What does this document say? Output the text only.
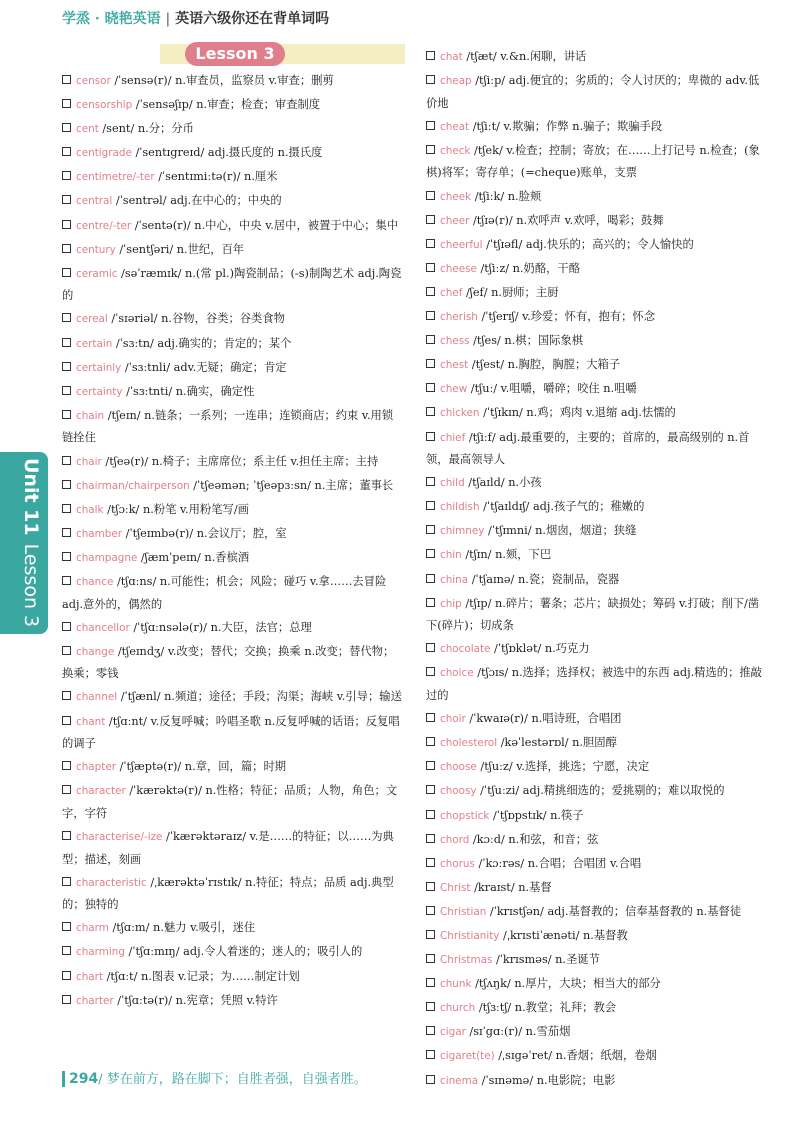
学烝 · 晓艳英语 | 英语六级你还在背单词吗
Lesson 3
censor /ˈsensə(r)/ n.审查员，监察员 v.审查；删剪
censorship /ˈsensəʃɪp/ n.审查；检查；审查制度
cent /sent/ n.分；分币
centigrade /ˈsentɪgreɪd/ adj.摄氏度的 n.摄氏度
centimetre/-ter /ˈsentɪmiːtə(r)/ n.厘米
central /ˈsentrəl/ adj.在中心的；中央的
centre/-ter /ˈsentə(r)/ n.中心，中央 v.居中，被置于中心；集中
century /ˈsentʃəri/ n.世纪，百年
ceramic /səˈræmɪk/ n.(常 pl.)陶瓷制品；(-s)制陶艺术 adj.陶瓷的
cereal /ˈsɪəriəl/ n.谷物，谷类；谷类食物
certain /ˈsɜːtn/ adj.确实的；肯定的；某个
certainly /ˈsɜːtnli/ adv.无疑；确定；肯定
certainty /ˈsɜːtnti/ n.确实，确定性
chain /tʃeɪn/ n.链条；一系列；一连串；连锁商店；约束 v.用锁链拴住
chair /tʃeə(r)/ n.椅子；主席席位；系主任 v.担任主席；主持
chairman/chairperson /ˈtʃeəmən; ˈtʃeəpɜːsn/ n.主席；董事长
chalk /tʃɔːk/ n.粉笔 v.用粉笔写/画
chamber /ˈtʃeɪmbə(r)/ n.会议厅；腔，室
champagne /ʃæmˈpeɪn/ n.香槟酒
chance /tʃɑːns/ n.可能性；机会；风险；碰巧 v.拿……去冒险 adj.意外的，偶然的
chancellor /ˈtʃɑːnsələ(r)/ n.大臣，法官；总理
change /tʃeɪndʒ/ v.改变；替代；交换；换乘 n.改变；替代物；换乘；零钱
channel /ˈtʃænl/ n.频道；途径；手段；沟渠；海峡 v.引导；输送
chant /tʃɑːnt/ v.反复呼喊；吟唱圣歌 n.反复呼喊的话语；反复唱的调子
chapter /ˈtʃæptə(r)/ n.章，回，篇；时期
character /ˈkærəktə(r)/ n.性格；特征；品质；人物，角色；文字，字符
characterise/-ize /ˈkærəktəraɪz/ v.是……的特征；以……为典型；描述，刻画
characteristic /ˌkærəktəˈrɪstɪk/ n.特征；特点；品质 adj.典型的；独特的
charm /tʃɑːm/ n.魅力 v.吸引，迷住
charming /ˈtʃɑːmɪŋ/ adj.令人着迷的；迷人的；吸引人的
chart /tʃɑːt/ n.图表 v.记录；为……制定计划
charter /ˈtʃɑːtə(r)/ n.宪章；凭照 v.特许
chat /tʃæt/ v.&n.闲聊，讲话
cheap /tʃiːp/ adj.便宜的；劣质的；令人讨厌的；卑微的 adv.低价地
cheat /tʃiːt/ v.欺骗；作弊 n.骗子；欺骗手段
check /tʃek/ v.检查；控制；寄放；在……上打记号 n.检查；(象棋)将军；寄存单；(=cheque)账单，支票
cheek /tʃiːk/ n.脸颊
cheer /tʃɪə(r)/ n.欢呼声 v.欢呼，喝彩；鼓舞
cheerful /ˈtʃɪəfl/ adj.快乐的；高兴的；令人愉快的
cheese /tʃiːz/ n.奶酪，干酪
chef /ʃef/ n.厨师；主厨
cherish /ˈtʃerɪʃ/ v.珍爱；怀有，抱有；怀念
chess /tʃes/ n.棋；国际象棋
chest /tʃest/ n.胸腔，胸膛；大箱子
chew /tʃuː/ v.咀嚼，嚼碎；咬住 n.咀嚼
chicken /ˈtʃɪkɪn/ n.鸡；鸡肉 v.退缩 adj.怯懦的
chief /tʃiːf/ adj.最重要的，主要的；首席的，最高级别的 n.首领，最高领导人
child /tʃaɪld/ n.小孩
childish /ˈtʃaɪldɪʃ/ adj.孩子气的；稚嫩的
chimney /ˈtʃɪmni/ n.烟囱，烟道；狭缝
chin /tʃɪn/ n.颏，下巴
china /ˈtʃaɪnə/ n.瓷；瓷制品，瓷器
chip /tʃɪp/ n.碎片；薯条；芯片；缺损处；筹码 v.打破；削下/凿下(碎片)；切成条
chocolate /ˈtʃɒklət/ n.巧克力
choice /tʃɔɪs/ n.选择；选择权；被选中的东西 adj.精选的；推敲过的
choir /ˈkwaɪə(r)/ n.唱诗班，合唱团
cholesterol /kəˈlestərɒl/ n.胆固醇
choose /tʃuːz/ v.选择，挑选；宁愿，决定
choosy /ˈtʃuːzi/ adj.精挑细选的；爱挑剔的；难以取悦的
chopstick /ˈtʃɒpstɪk/ n.筷子
chord /kɔːd/ n.和弦，和音；弦
chorus /ˈkɔːrəs/ n.合唱；合唱团 v.合唱
Christ /kraɪst/ n.基督
Christian /ˈkrɪstʃən/ adj.基督教的；信奉基督教的 n.基督徒
Christianity /ˌkrɪstiˈænəti/ n.基督教
Christmas /ˈkrɪsməs/ n.圣诞节
chunk /tʃʌŋk/ n.厚片，大块；相当大的部分
church /tʃɜːtʃ/ n.教堂；礼拜；教会
cigar /sɪˈgɑː(r)/ n.雪茄烟
cigaret(te) /ˌsɪgəˈret/ n.香烟；纸烟，卷烟
cinema /ˈsɪnəmə/ n.电影院；电影
Unit 11Lesson 3
294/ 梦在前方，路在脚下；自胜者强，自强者胜。
